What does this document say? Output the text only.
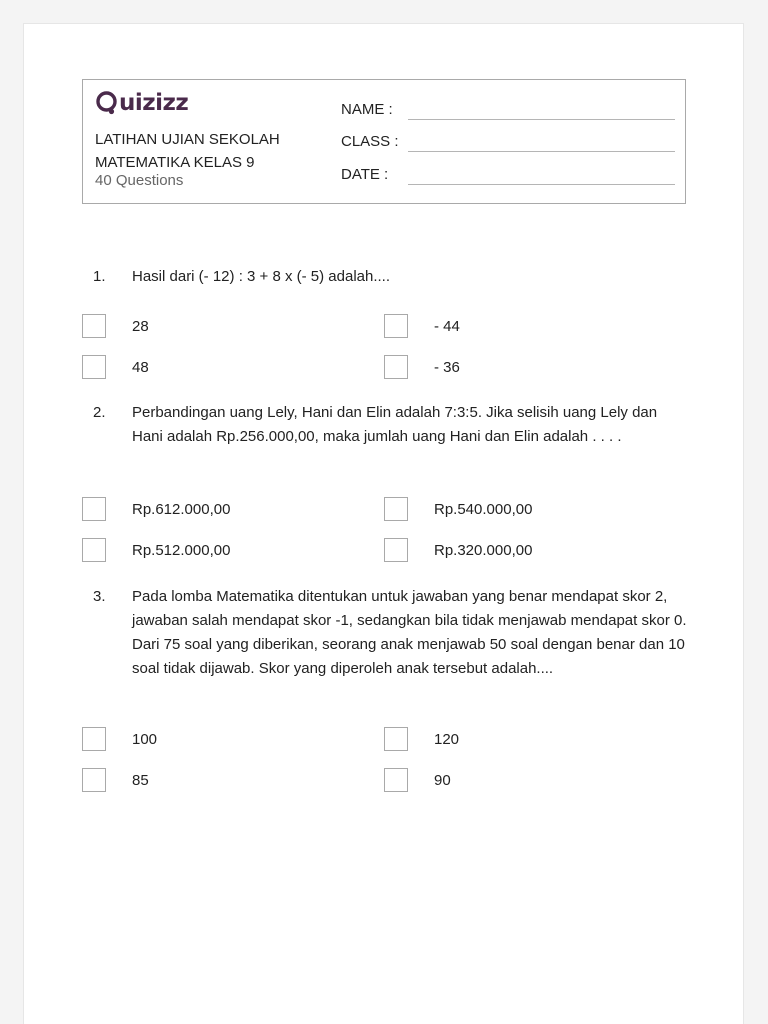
uizizz
LATIHAN UJIAN SEKOLAH
MATEMATIKA KELAS 9
40 Questions
NAME :
CLASS :
DATE :
1. Hasil dari (- 12) : 3 + 8 x (- 5) adalah....

28	- 44
48	- 36
2. Perbandingan uang Lely, Hani dan Elin adalah 7:3:5. Jika selisih uang Lely dan Hani adalah Rp.256.000,00, maka jumlah uang Hani dan Elin adalah . . . .

Rp.612.000,00	Rp.540.000,00
Rp.512.000,00	Rp.320.000,00
3. Pada lomba Matematika ditentukan untuk jawaban yang benar mendapat skor 2, jawaban salah mendapat skor -1, sedangkan bila tidak menjawab mendapat skor 0. Dari 75 soal yang diberikan, seorang anak menjawab 50 soal dengan benar dan 10 soal tidak dijawab. Skor yang diperoleh anak tersebut adalah....

100	120
85	90
